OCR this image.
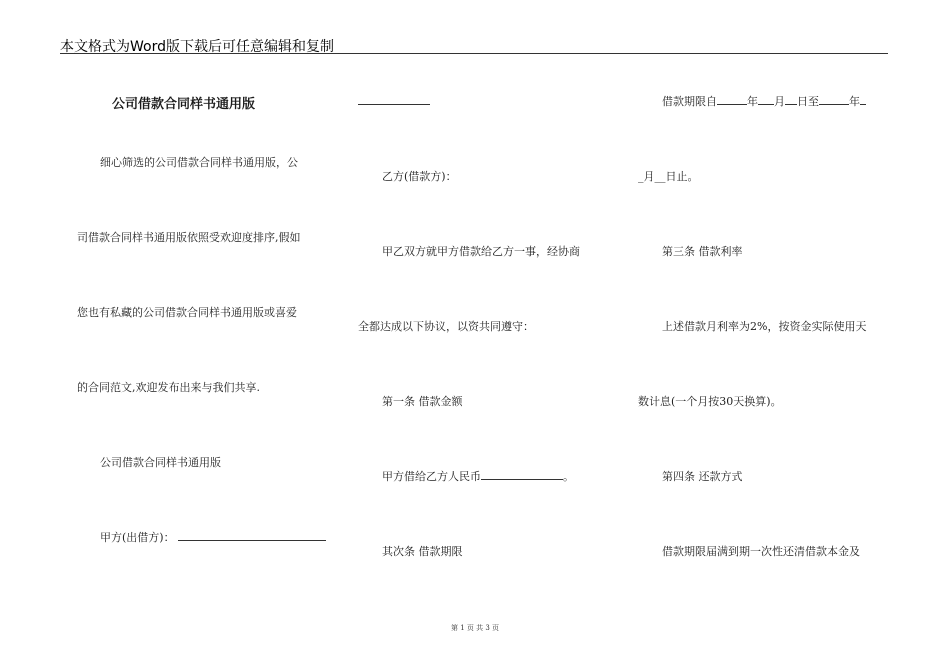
本文格式为Word版下载后可任意编辑和复制
公司借款合同样书通用版
细心筛选的公司借款合同样书通用版，公
司借款合同样书通用版依照受欢迎度排序,假如
您也有私藏的公司借款合同样书通用版或喜爱
的合同范文,欢迎发布出来与我们共享.
公司借款合同样书通用版
甲方(出借方)：
乙方(借款方)：
甲乙双方就甲方借款给乙方一事，经协商
全都达成以下协议，以资共同遵守：
第一条 借款金额
甲方借给乙方人民币	。
其次条 借款期限
借款期限自	年 月 日至	年
_月__日止。
第三条 借款利率
上述借款月利率为2%，按资金实际使用天
数计息(一个月按30天换算)。
第四条 还款方式
借款期限届满到期一次性还清借款本金及
第 1 页 共 3 页
